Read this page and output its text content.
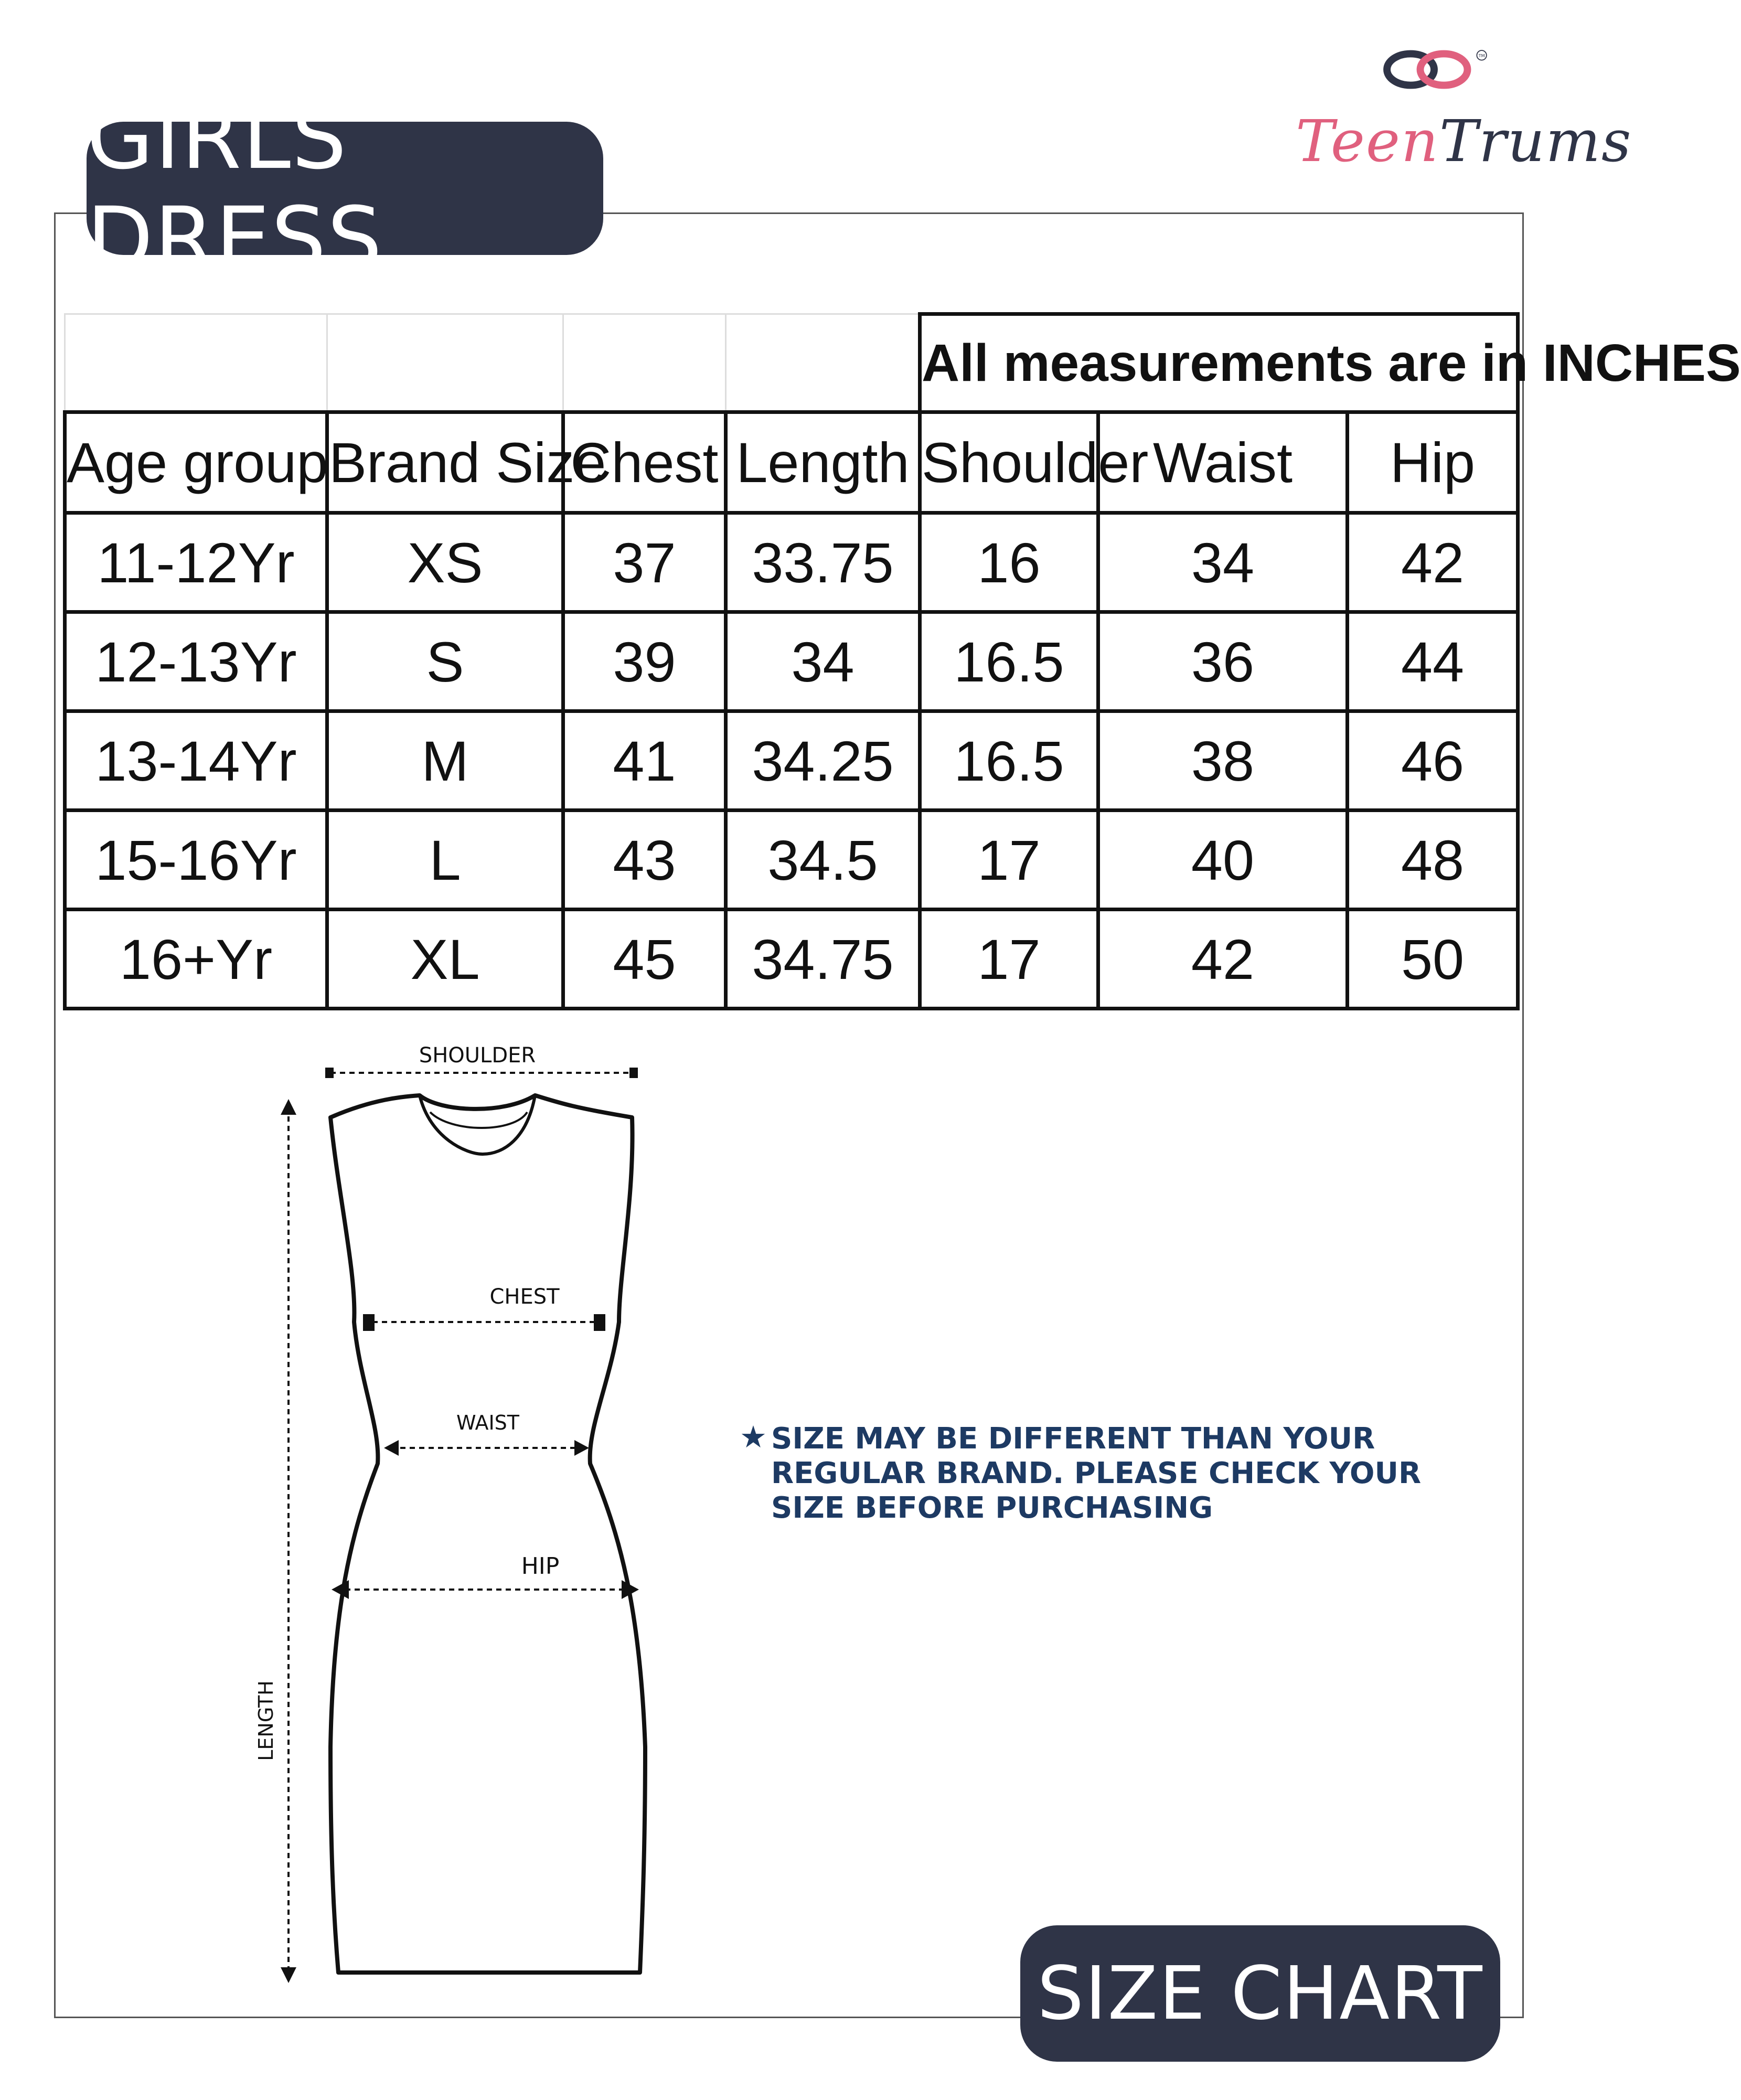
GIRLS DRESS
TM
TeenTrums
				All measurements are in INCHES		
Age group	Brand Size	Chest	Length	Shoulder	Waist	Hip
11-12Yr	XS	37	33.75	16	34	42
12-13Yr	S	39	34	16.5	36	44
13-14Yr	M	41	34.25	16.5	38	46
15-16Yr	L	43	34.5	17	40	48
16+Yr	XL	45	34.75	17	42	50
SHOULDER
CHEST
WAIST
HIP
LENGTH
★ SIZE MAY BE DIFFERENT THAN YOUR
REGULAR BRAND. PLEASE CHECK YOUR
SIZE BEFORE PURCHASING
SIZE CHART
